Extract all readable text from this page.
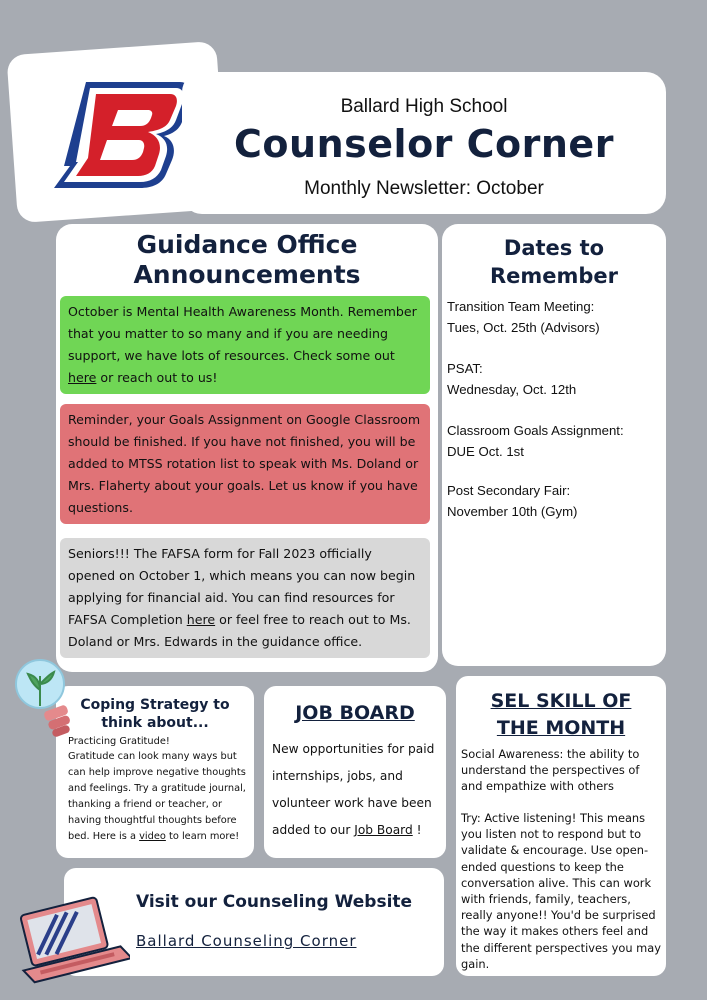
Ballard High School
Counselor Corner
Monthly Newsletter: October
Guidance Office
Announcements
October is Mental Health Awareness Month. Remember that you matter to so many and if you are needing support, we have lots of resources. Check some out here or reach out to us!
Reminder, your Goals Assignment on Google Classroom should be finished. If you have not finished, you will be added to MTSS rotation list to speak with Ms. Doland or Mrs. Flaherty about your goals. Let us know if you have questions.
Seniors!!! The FAFSA form for Fall 2023 officially opened on October 1, which means you can now begin applying for financial aid. You can find resources for FAFSA Completion here or feel free to reach out to Ms. Doland or Mrs. Edwards in the guidance office.
Dates to
Remember
Transition Team Meeting:
Tues, Oct. 25th (Advisors)
PSAT:
Wednesday, Oct. 12th
Classroom Goals Assignment:
DUE Oct. 1st
Post Secondary Fair:
November 10th (Gym)
Coping Strategy to
think about...
Practicing Gratitude!
Gratitude can look many ways but can help improve negative thoughts and feelings. Try a gratitude journal, thanking a friend or teacher, or having thoughtful thoughts before bed. Here is a video to learn more!
JOB BOARD
New opportunities for paid internships, jobs, and volunteer work have been added to our Job Board !
SEL SKILL OF
THE MONTH
Social Awareness: the ability to understand the perspectives of and empathize with others
Try: Active listening! This means you listen not to respond but to validate & encourage. Use open-ended questions to keep the conversation alive. This can work with friends, family, teachers, really anyone!! You'd be surprised the way it makes others feel and the different perspectives you may gain.
Visit our Counseling Website
Ballard Counseling Corner
